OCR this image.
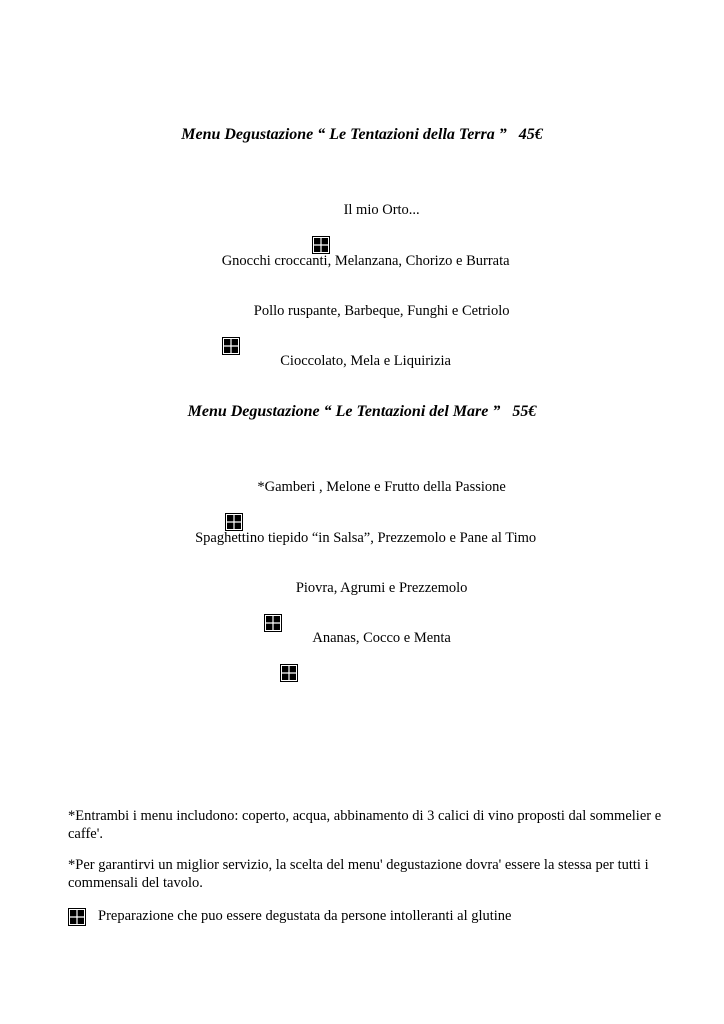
Menu Degustazione “ Le Tentazioni della Terra ”   45€

Il mio Orto...

Gnocchi croccanti, Melanzana, Chorizo e Burrata

Pollo ruspante, Barbeque, Funghi e Cetriolo

Cioccolato, Mela e Liquirizia

Menu Degustazione “ Le Tentazioni del Mare ”   55€

*Gamberi , Melone e Frutto della Passione

Spaghettino tiepido “in Salsa”, Prezzemolo e Pane al Timo

Piovra, Agrumi e Prezzemolo

Ananas, Cocco e Menta

*Entrambi i menu includono: coperto, acqua, abbinamento di 3 calici di vino proposti dal sommelier e caffe'.
*Per garantirvi un miglior servizio, la scelta del menu' degustazione dovra' essere la stessa per tutti i commensali del tavolo.
Preparazione che puo essere degustata da persone intolleranti al glutine
